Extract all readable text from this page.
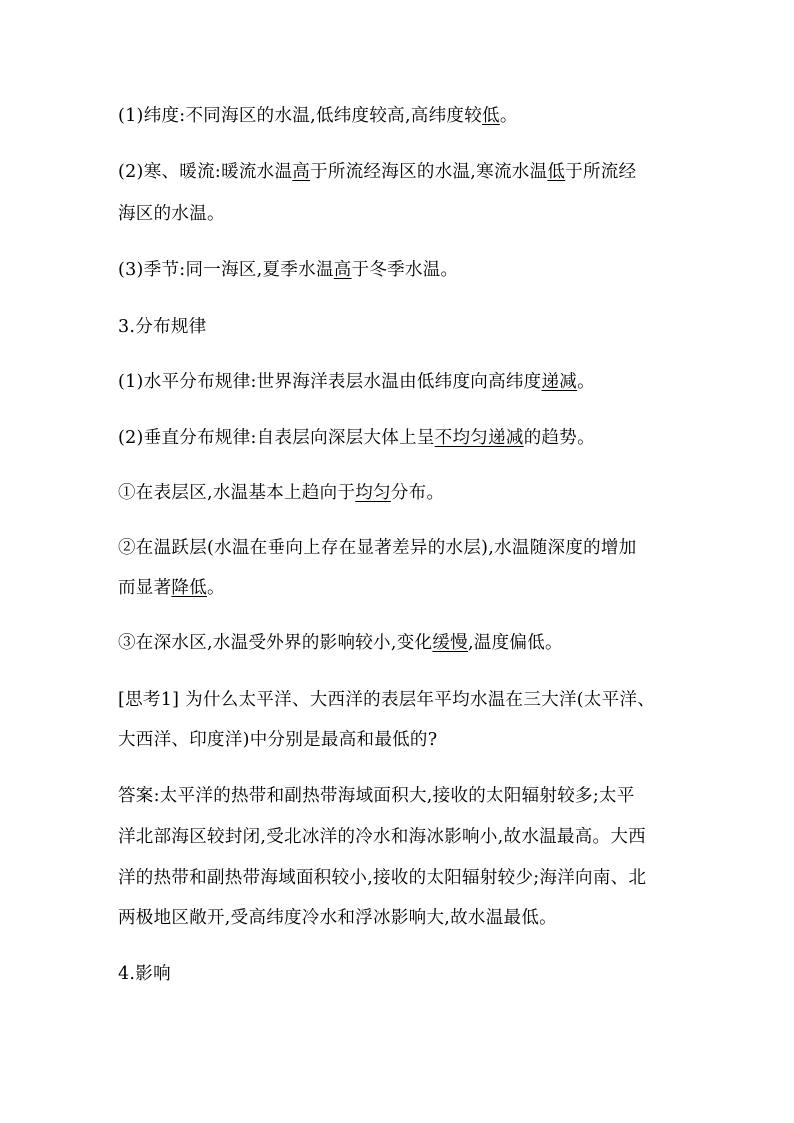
(1)纬度:不同海区的水温,低纬度较高,高纬度较低。
(2)寒、暖流:暖流水温高于所流经海区的水温,寒流水温低于所流经
海区的水温。
(3)季节:同一海区,夏季水温高于冬季水温。
3.分布规律
(1)水平分布规律:世界海洋表层水温由低纬度向高纬度递减。
(2)垂直分布规律:自表层向深层大体上呈不均匀递减的趋势。
①在表层区,水温基本上趋向于均匀分布。
②在温跃层(水温在垂向上存在显著差异的水层),水温随深度的增加
而显著降低。
③在深水区,水温受外界的影响较小,变化缓慢,温度偏低。
[思考1] 为什么太平洋、大西洋的表层年平均水温在三大洋(太平洋、
大西洋、印度洋)中分别是最高和最低的?
答案:太平洋的热带和副热带海域面积大,接收的太阳辐射较多;太平
洋北部海区较封闭,受北冰洋的冷水和海冰影响小,故水温最高。大西
洋的热带和副热带海域面积较小,接收的太阳辐射较少;海洋向南、北
两极地区敞开,受高纬度冷水和浮冰影响大,故水温最低。
4.影响
